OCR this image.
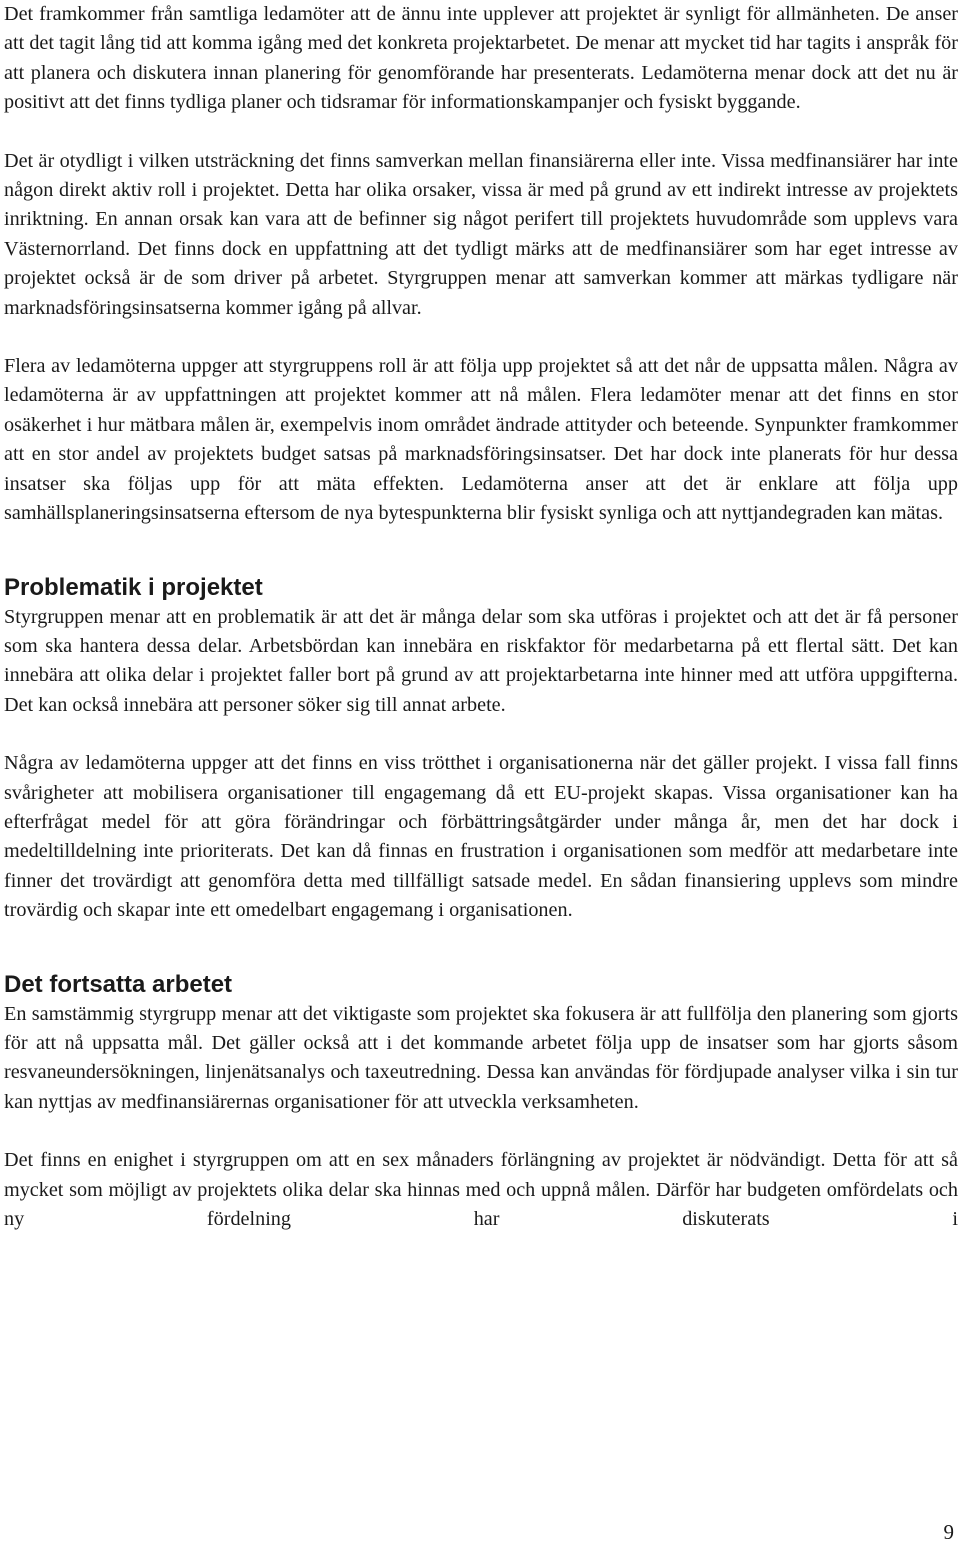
Det framkommer från samtliga ledamöter att de ännu inte upplever att projektet är synligt för allmänheten. De anser att det tagit lång tid att komma igång med det konkreta projektarbetet. De menar att mycket tid har tagits i anspråk för att planera och diskutera innan planering för genomförande har presenterats. Ledamöterna menar dock att det nu är positivt att det finns tydliga planer och tidsramar för informationskampanjer och fysiskt byggande.

Det är otydligt i vilken utsträckning det finns samverkan mellan finansiärerna eller inte. Vissa medfinansiärer har inte någon direkt aktiv roll i projektet. Detta har olika orsaker, vissa är med på grund av ett indirekt intresse av projektets inriktning. En annan orsak kan vara att de befinner sig något perifert till projektets huvudområde som upplevs vara Västernorrland. Det finns dock en uppfattning att det tydligt märks att de medfinansiärer som har eget intresse av projektet också är de som driver på arbetet. Styrgruppen menar att samverkan kommer att märkas tydligare när marknadsföringsinsatserna kommer igång på allvar.

Flera av ledamöterna uppger att styrgruppens roll är att följa upp projektet så att det når de uppsatta målen. Några av ledamöterna är av uppfattningen att projektet kommer att nå målen. Flera ledamöter menar att det finns en stor osäkerhet i hur mätbara målen är, exempelvis inom området ändrade attityder och beteende. Synpunkter framkommer att en stor andel av projektets budget satsas på marknadsföringsinsatser. Det har dock inte planerats för hur dessa insatser ska följas upp för att mäta effekten. Ledamöterna anser att det är enklare att följa upp samhällsplaneringsinsatserna eftersom de nya bytespunkterna blir fysiskt synliga och att nyttjandegraden kan mätas.

Problematik i projektet

Styrgruppen menar att en problematik är att det är många delar som ska utföras i projektet och att det är få personer som ska hantera dessa delar. Arbetsbördan kan innebära en riskfaktor för medarbetarna på ett flertal sätt. Det kan innebära att olika delar i projektet faller bort på grund av att projektarbetarna inte hinner med att utföra uppgifterna. Det kan också innebära att personer söker sig till annat arbete.

Några av ledamöterna uppger att det finns en viss trötthet i organisationerna när det gäller projekt. I vissa fall finns svårigheter att mobilisera organisationer till engagemang då ett EU-projekt skapas. Vissa organisationer kan ha efterfrågat medel för att göra förändringar och förbättringsåtgärder under många år, men det har dock i medeltilldelning inte prioriterats. Det kan då finnas en frustration i organisationen som medför att medarbetare inte finner det trovärdigt att genomföra detta med tillfälligt satsade medel. En sådan finansiering upplevs som mindre trovärdig och skapar inte ett omedelbart engagemang i organisationen.

Det fortsatta arbetet

En samstämmig styrgrupp menar att det viktigaste som projektet ska fokusera är att fullfölja den planering som gjorts för att nå uppsatta mål. Det gäller också att i det kommande arbetet följa upp de insatser som har gjorts såsom resvaneundersökningen, linjenätsanalys och taxeutredning. Dessa kan användas för fördjupade analyser vilka i sin tur kan nyttjas av medfinansiärernas organisationer för att utveckla verksamheten.

Det finns en enighet i styrgruppen om att en sex månaders förlängning av projektet är nödvändigt. Detta för att så mycket som möjligt av projektets olika delar ska hinnas med och uppnå målen. Därför har budgeten omfördelats och ny fördelning har diskuterats i

9
